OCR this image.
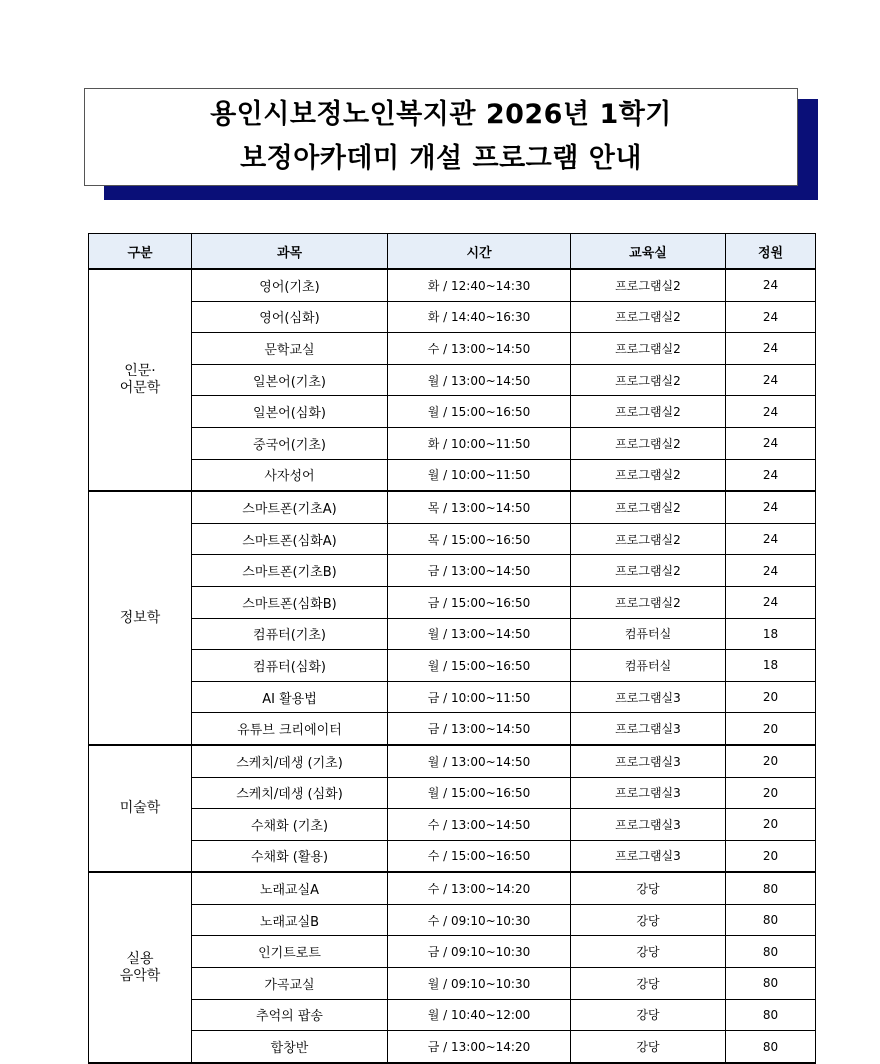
용인시보정노인복지관 2026년 1학기
보정아카데미 개설 프로그램 안내
구분	과목	시간	교육실	정원

인문·
어문학	영어(기초)	화 / 12:40~14:30	프로그램실2	24
	영어(심화)	화 / 14:40~16:30	프로그램실2	24
	문학교실	수 / 13:00~14:50	프로그램실2	24
	일본어(기초)	월 / 13:00~14:50	프로그램실2	24
	일본어(심화)	월 / 15:00~16:50	프로그램실2	24
	중국어(기초)	화 / 10:00~11:50	프로그램실2	24
	사자성어	월 / 10:00~11:50	프로그램실2	24

정보학	스마트폰(기초A)	목 / 13:00~14:50	프로그램실2	24
	스마트폰(심화A)	목 / 15:00~16:50	프로그램실2	24
	스마트폰(기초B)	금 / 13:00~14:50	프로그램실2	24
	스마트폰(심화B)	금 / 15:00~16:50	프로그램실2	24
	컴퓨터(기초)	월 / 13:00~14:50	컴퓨터실	18
	컴퓨터(심화)	월 / 15:00~16:50	컴퓨터실	18
	AI 활용법	금 / 10:00~11:50	프로그램실3	20
	유튜브 크리에이터	금 / 13:00~14:50	프로그램실3	20

미술학	스케치/데생 (기초)	월 / 13:00~14:50	프로그램실3	20
	스케치/데생 (심화)	월 / 15:00~16:50	프로그램실3	20
	수채화 (기초)	수 / 13:00~14:50	프로그램실3	20
	수채화 (활용)	수 / 15:00~16:50	프로그램실3	20

실용
음악학	노래교실A	수 / 13:00~14:20	강당	80
	노래교실B	수 / 09:10~10:30	강당	80
	인기트로트	금 / 09:10~10:30	강당	80
	가곡교실	월 / 09:10~10:30	강당	80
	추억의 팝송	월 / 10:40~12:00	강당	80
	합창반	금 / 13:00~14:20	강당	80
